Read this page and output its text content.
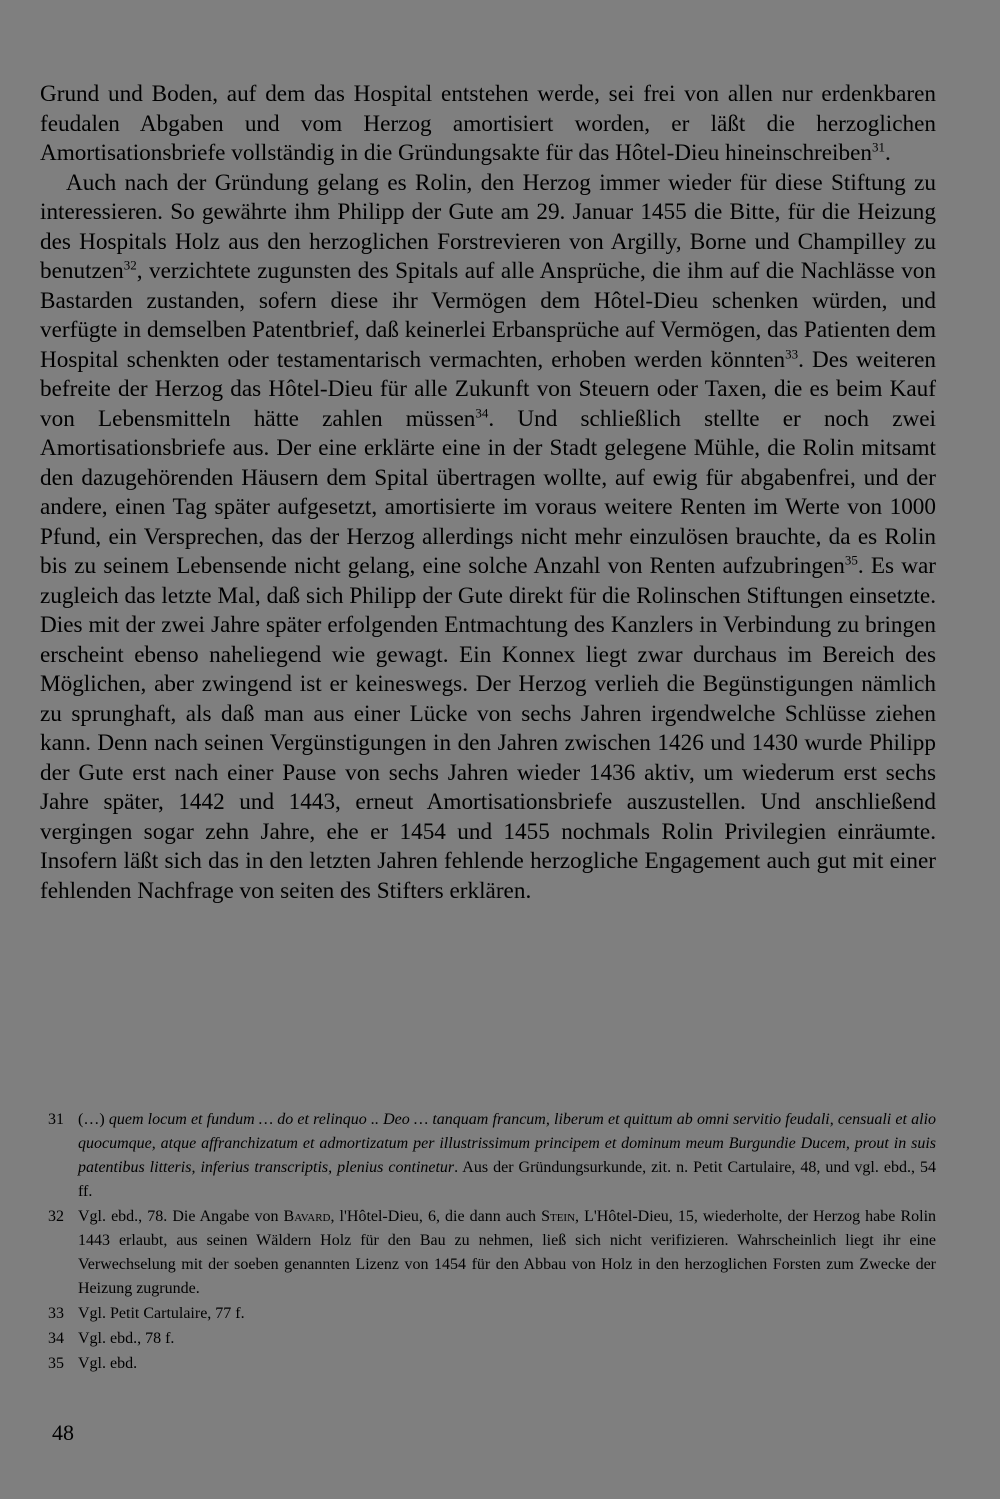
Grund und Boden, auf dem das Hospital entstehen werde, sei frei von allen nur erdenkbaren feudalen Abgaben und vom Herzog amortisiert worden, er läßt die herzoglichen Amortisationsbriefe vollständig in die Gründungsakte für das Hôtel-Dieu hineinschreiben$^{31}$.

Auch nach der Gründung gelang es Rolin, den Herzog immer wieder für diese Stiftung zu interessieren. So gewährte ihm Philipp der Gute am 29. Januar 1455 die Bitte, für die Heizung des Hospitals Holz aus den herzoglichen Forstrevieren von Argilly, Borne und Champilley zu benutzen$^{32}$, verzichtete zugunsten des Spitals auf alle Ansprüche, die ihm auf die Nachlässe von Bastarden zustanden, sofern diese ihr Vermögen dem Hôtel-Dieu schenken würden, und verfügte in demselben Patentbrief, daß keinerlei Erbansprüche auf Vermögen, das Patienten dem Hospital schenkten oder testamentarisch vermachten, erhoben werden könnten$^{33}$. Des weiteren befreite der Herzog das Hôtel-Dieu für alle Zukunft von Steuern oder Taxen, die es beim Kauf von Lebensmitteln hätte zahlen müssen$^{34}$. Und schließlich stellte er noch zwei Amortisationsbriefe aus. Der eine erklärte eine in der Stadt gelegene Mühle, die Rolin mitsamt den dazugehörenden Häusern dem Spital übertragen wollte, auf ewig für abgabenfrei, und der andere, einen Tag später aufgesetzt, amortisierte im voraus weitere Renten im Werte von 1000 Pfund, ein Versprechen, das der Herzog allerdings nicht mehr einzulösen brauchte, da es Rolin bis zu seinem Lebensende nicht gelang, eine solche Anzahl von Renten aufzubringen$^{35}$. Es war zugleich das letzte Mal, daß sich Philipp der Gute direkt für die Rolinschen Stiftungen einsetzte. Dies mit der zwei Jahre später erfolgenden Entmachtung des Kanzlers in Verbindung zu bringen erscheint ebenso naheliegend wie gewagt. Ein Konnex liegt zwar durchaus im Bereich des Möglichen, aber zwingend ist er keineswegs. Der Herzog verlieh die Begünstigungen nämlich zu sprunghaft, als daß man aus einer Lücke von sechs Jahren irgendwelche Schlüsse ziehen kann. Denn nach seinen Vergünstigungen in den Jahren zwischen 1426 und 1430 wurde Philipp der Gute erst nach einer Pause von sechs Jahren wieder 1436 aktiv, um wiederum erst sechs Jahre später, 1442 und 1443, erneut Amortisationsbriefe auszustellen. Und anschließend vergingen sogar zehn Jahre, ehe er 1454 und 1455 nochmals Rolin Privilegien einräumte. Insofern läßt sich das in den letzten Jahren fehlende herzogliche Engagement auch gut mit einer fehlenden Nachfrage von seiten des Stifters erklären.

31 (…) quem locum et fundum … do et relinquo .. Deo … tanquam francum, liberum et quittum ab omni servitio feudali, censuali et alio quocumque, atque affranchizatum et admortizatum per illustrissimum principem et dominum meum Burgundie Ducem, prout in suis patentibus litteris, inferius transcriptis, plenius continetur. Aus der Gründungsurkunde, zit. n. Petit Cartulaire, 48, und vgl. ebd., 54 ff.
32 Vgl. ebd., 78. Die Angabe von Bavard, l'Hôtel-Dieu, 6, die dann auch Stein, L'Hôtel-Dieu, 15, wiederholte, der Herzog habe Rolin 1443 erlaubt, aus seinen Wäldern Holz für den Bau zu nehmen, ließ sich nicht verifizieren. Wahrscheinlich liegt ihr eine Verwechselung mit der soeben genannten Lizenz von 1454 für den Abbau von Holz in den herzoglichen Forsten zum Zwecke der Heizung zugrunde.
33 Vgl. Petit Cartulaire, 77 f.
34 Vgl. ebd., 78 f.
35 Vgl. ebd.
48
